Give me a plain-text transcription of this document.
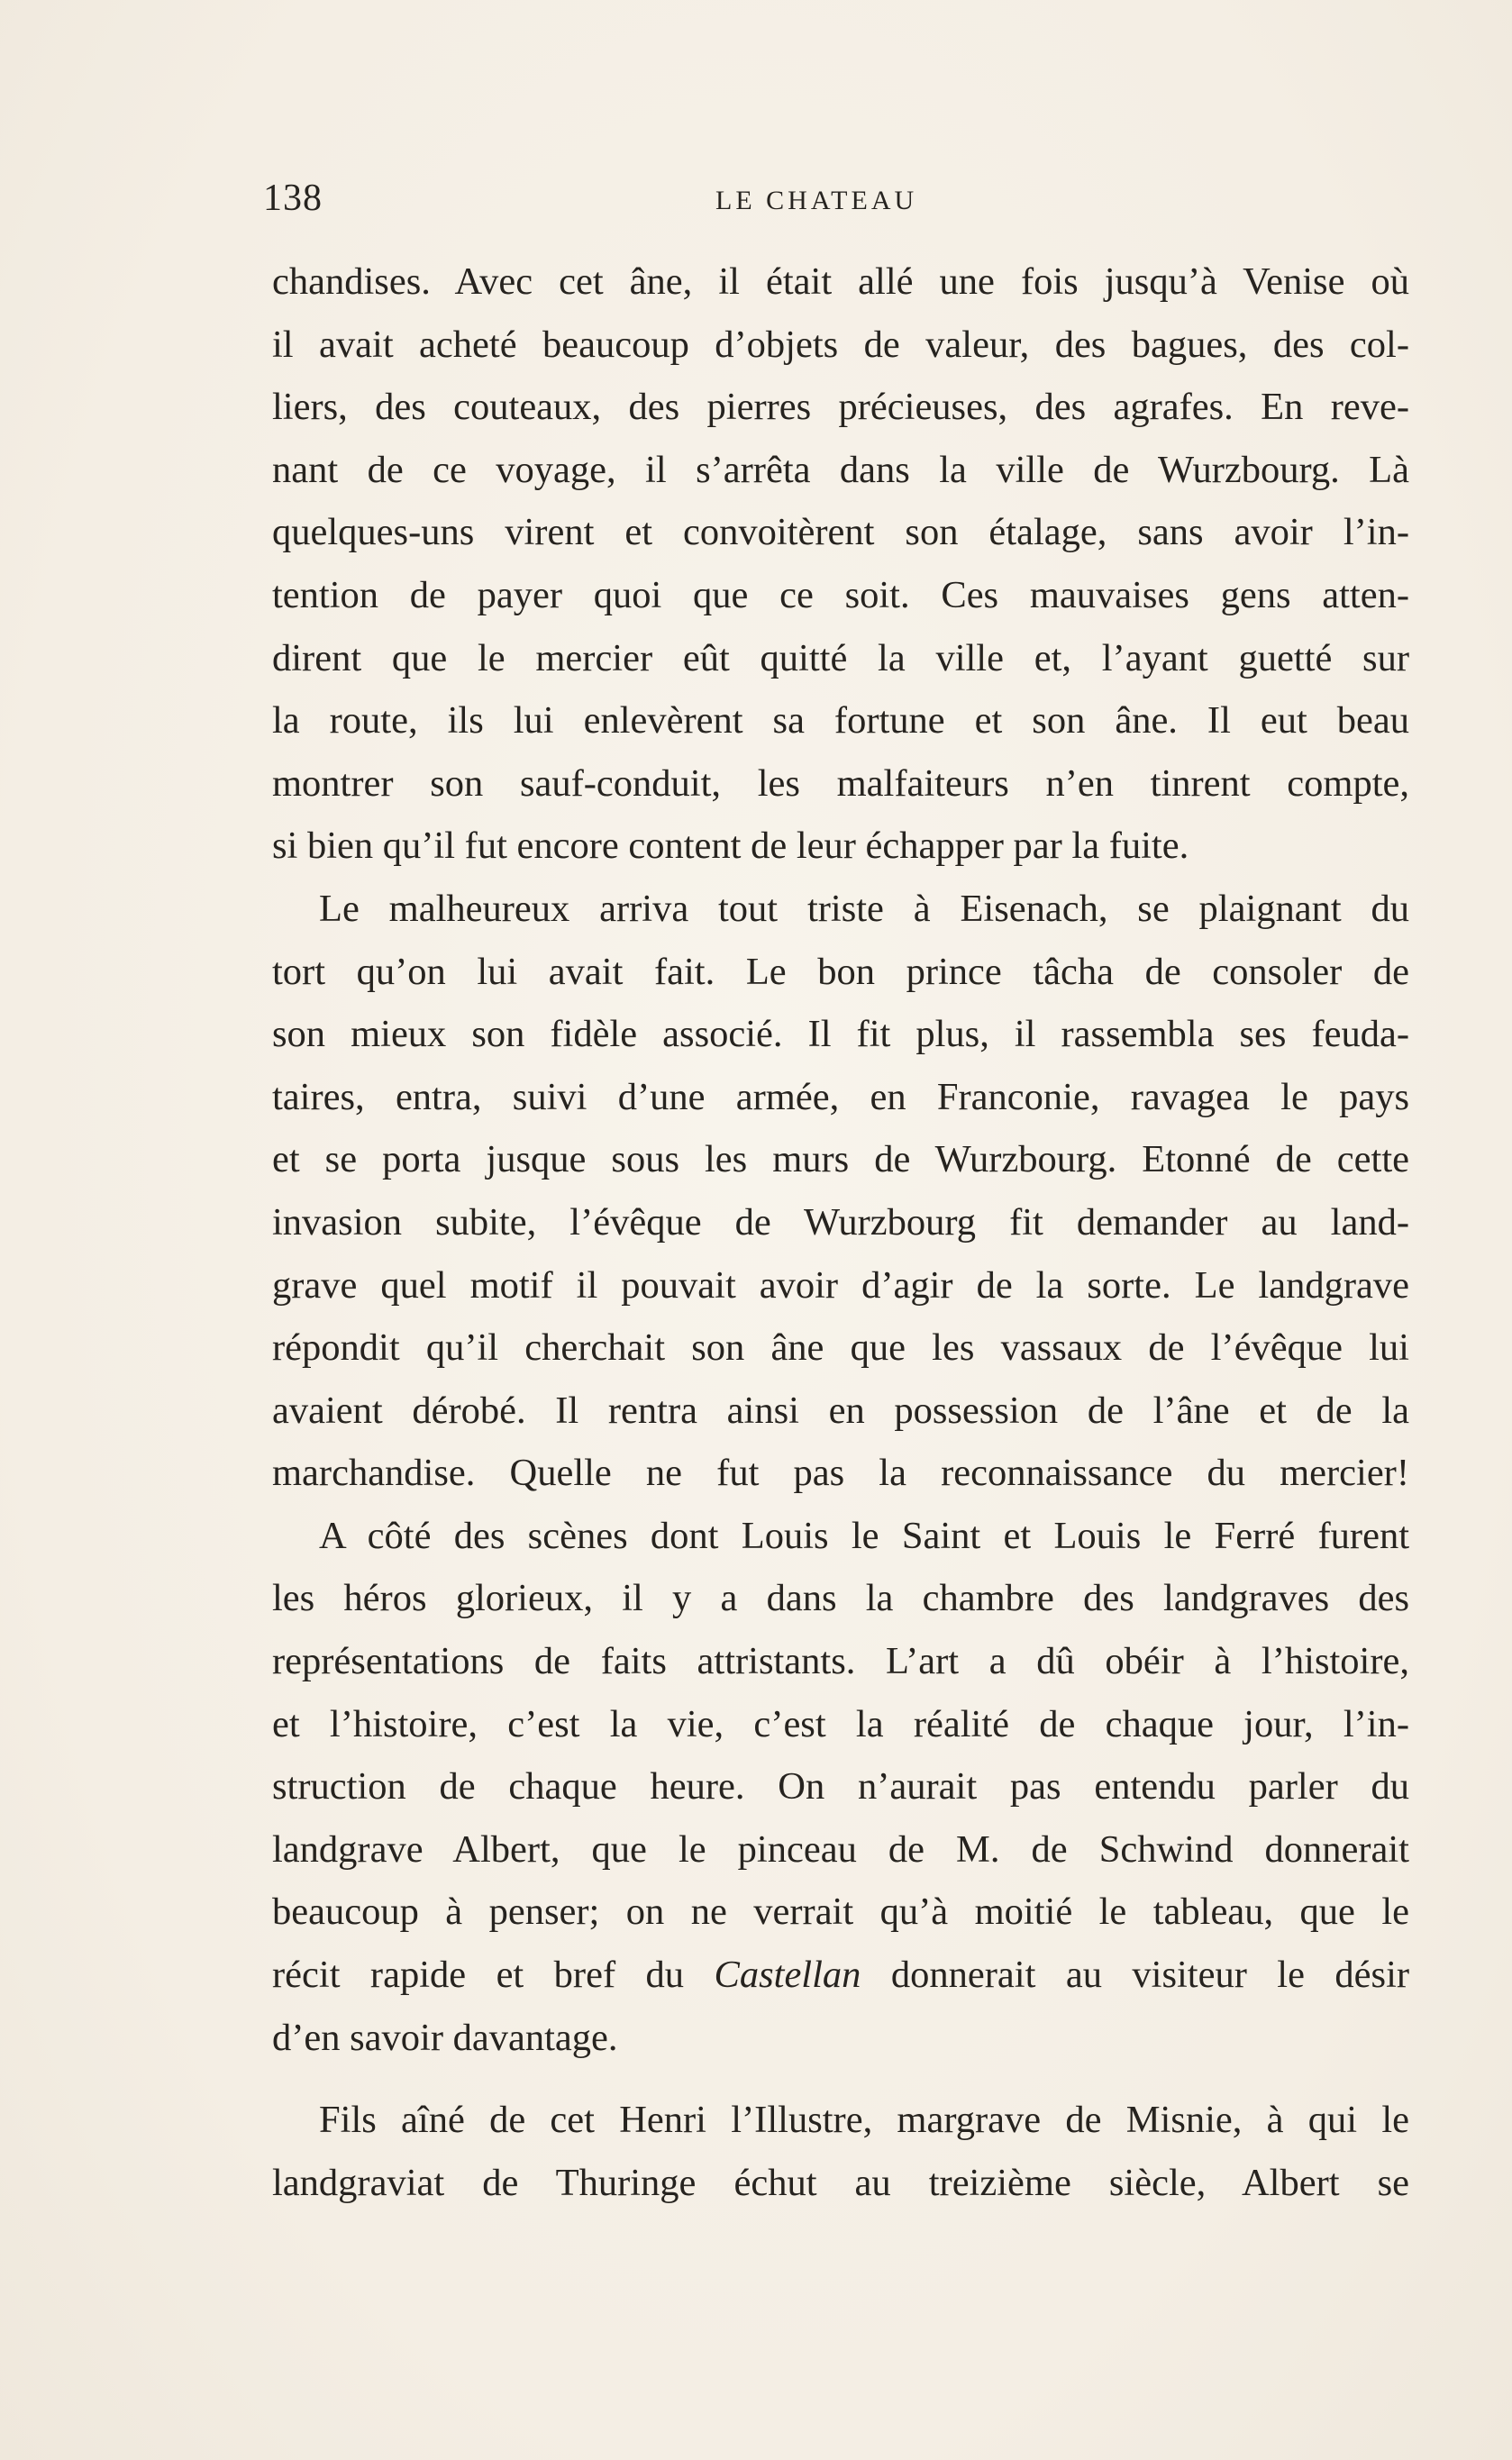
138	LE CHATEAU
chandises. Avec cet âne, il était allé une fois jusqu’à Venise où
il avait acheté beaucoup d’objets de valeur, des bagues, des col-
liers, des couteaux, des pierres précieuses, des agrafes. En reve-
nant de ce voyage, il s’arrêta dans la ville de Wurzbourg. Là
quelques-uns virent et convoitèrent son étalage, sans avoir l’in-
tention de payer quoi que ce soit. Ces mauvaises gens atten-
dirent que le mercier eût quitté la ville et, l’ayant guetté sur
la route, ils lui enlevèrent sa fortune et son âne. Il eut beau
montrer son sauf-conduit, les malfaiteurs n’en tinrent compte,
si bien qu’il fut encore content de leur échapper par la fuite.
Le malheureux arriva tout triste à Eisenach, se plaignant du
tort qu’on lui avait fait. Le bon prince tâcha de consoler de
son mieux son fidèle associé. Il fit plus, il rassembla ses feuda-
taires, entra, suivi d’une armée, en Franconie, ravagea le pays
et se porta jusque sous les murs de Wurzbourg. Etonné de cette
invasion subite, l’évêque de Wurzbourg fit demander au land-
grave quel motif il pouvait avoir d’agir de la sorte. Le landgrave
répondit qu’il cherchait son âne que les vassaux de l’évêque lui
avaient dérobé. Il rentra ainsi en possession de l’âne et de la
marchandise. Quelle ne fut pas la reconnaissance du mercier!
A côté des scènes dont Louis le Saint et Louis le Ferré furent
les héros glorieux, il y a dans la chambre des landgraves des
représentations de faits attristants. L’art a dû obéir à l’histoire,
et l’histoire, c’est la vie, c’est la réalité de chaque jour, l’in-
struction de chaque heure. On n’aurait pas entendu parler du
landgrave Albert, que le pinceau de M. de Schwind donnerait
beaucoup à penser; on ne verrait qu’à moitié le tableau, que le
récit rapide et bref du Castellan donnerait au visiteur le désir
d’en savoir davantage.
Fils aîné de cet Henri l’Illustre, margrave de Misnie, à qui le
landgraviat de Thuringe échut au treizième siècle, Albert se
